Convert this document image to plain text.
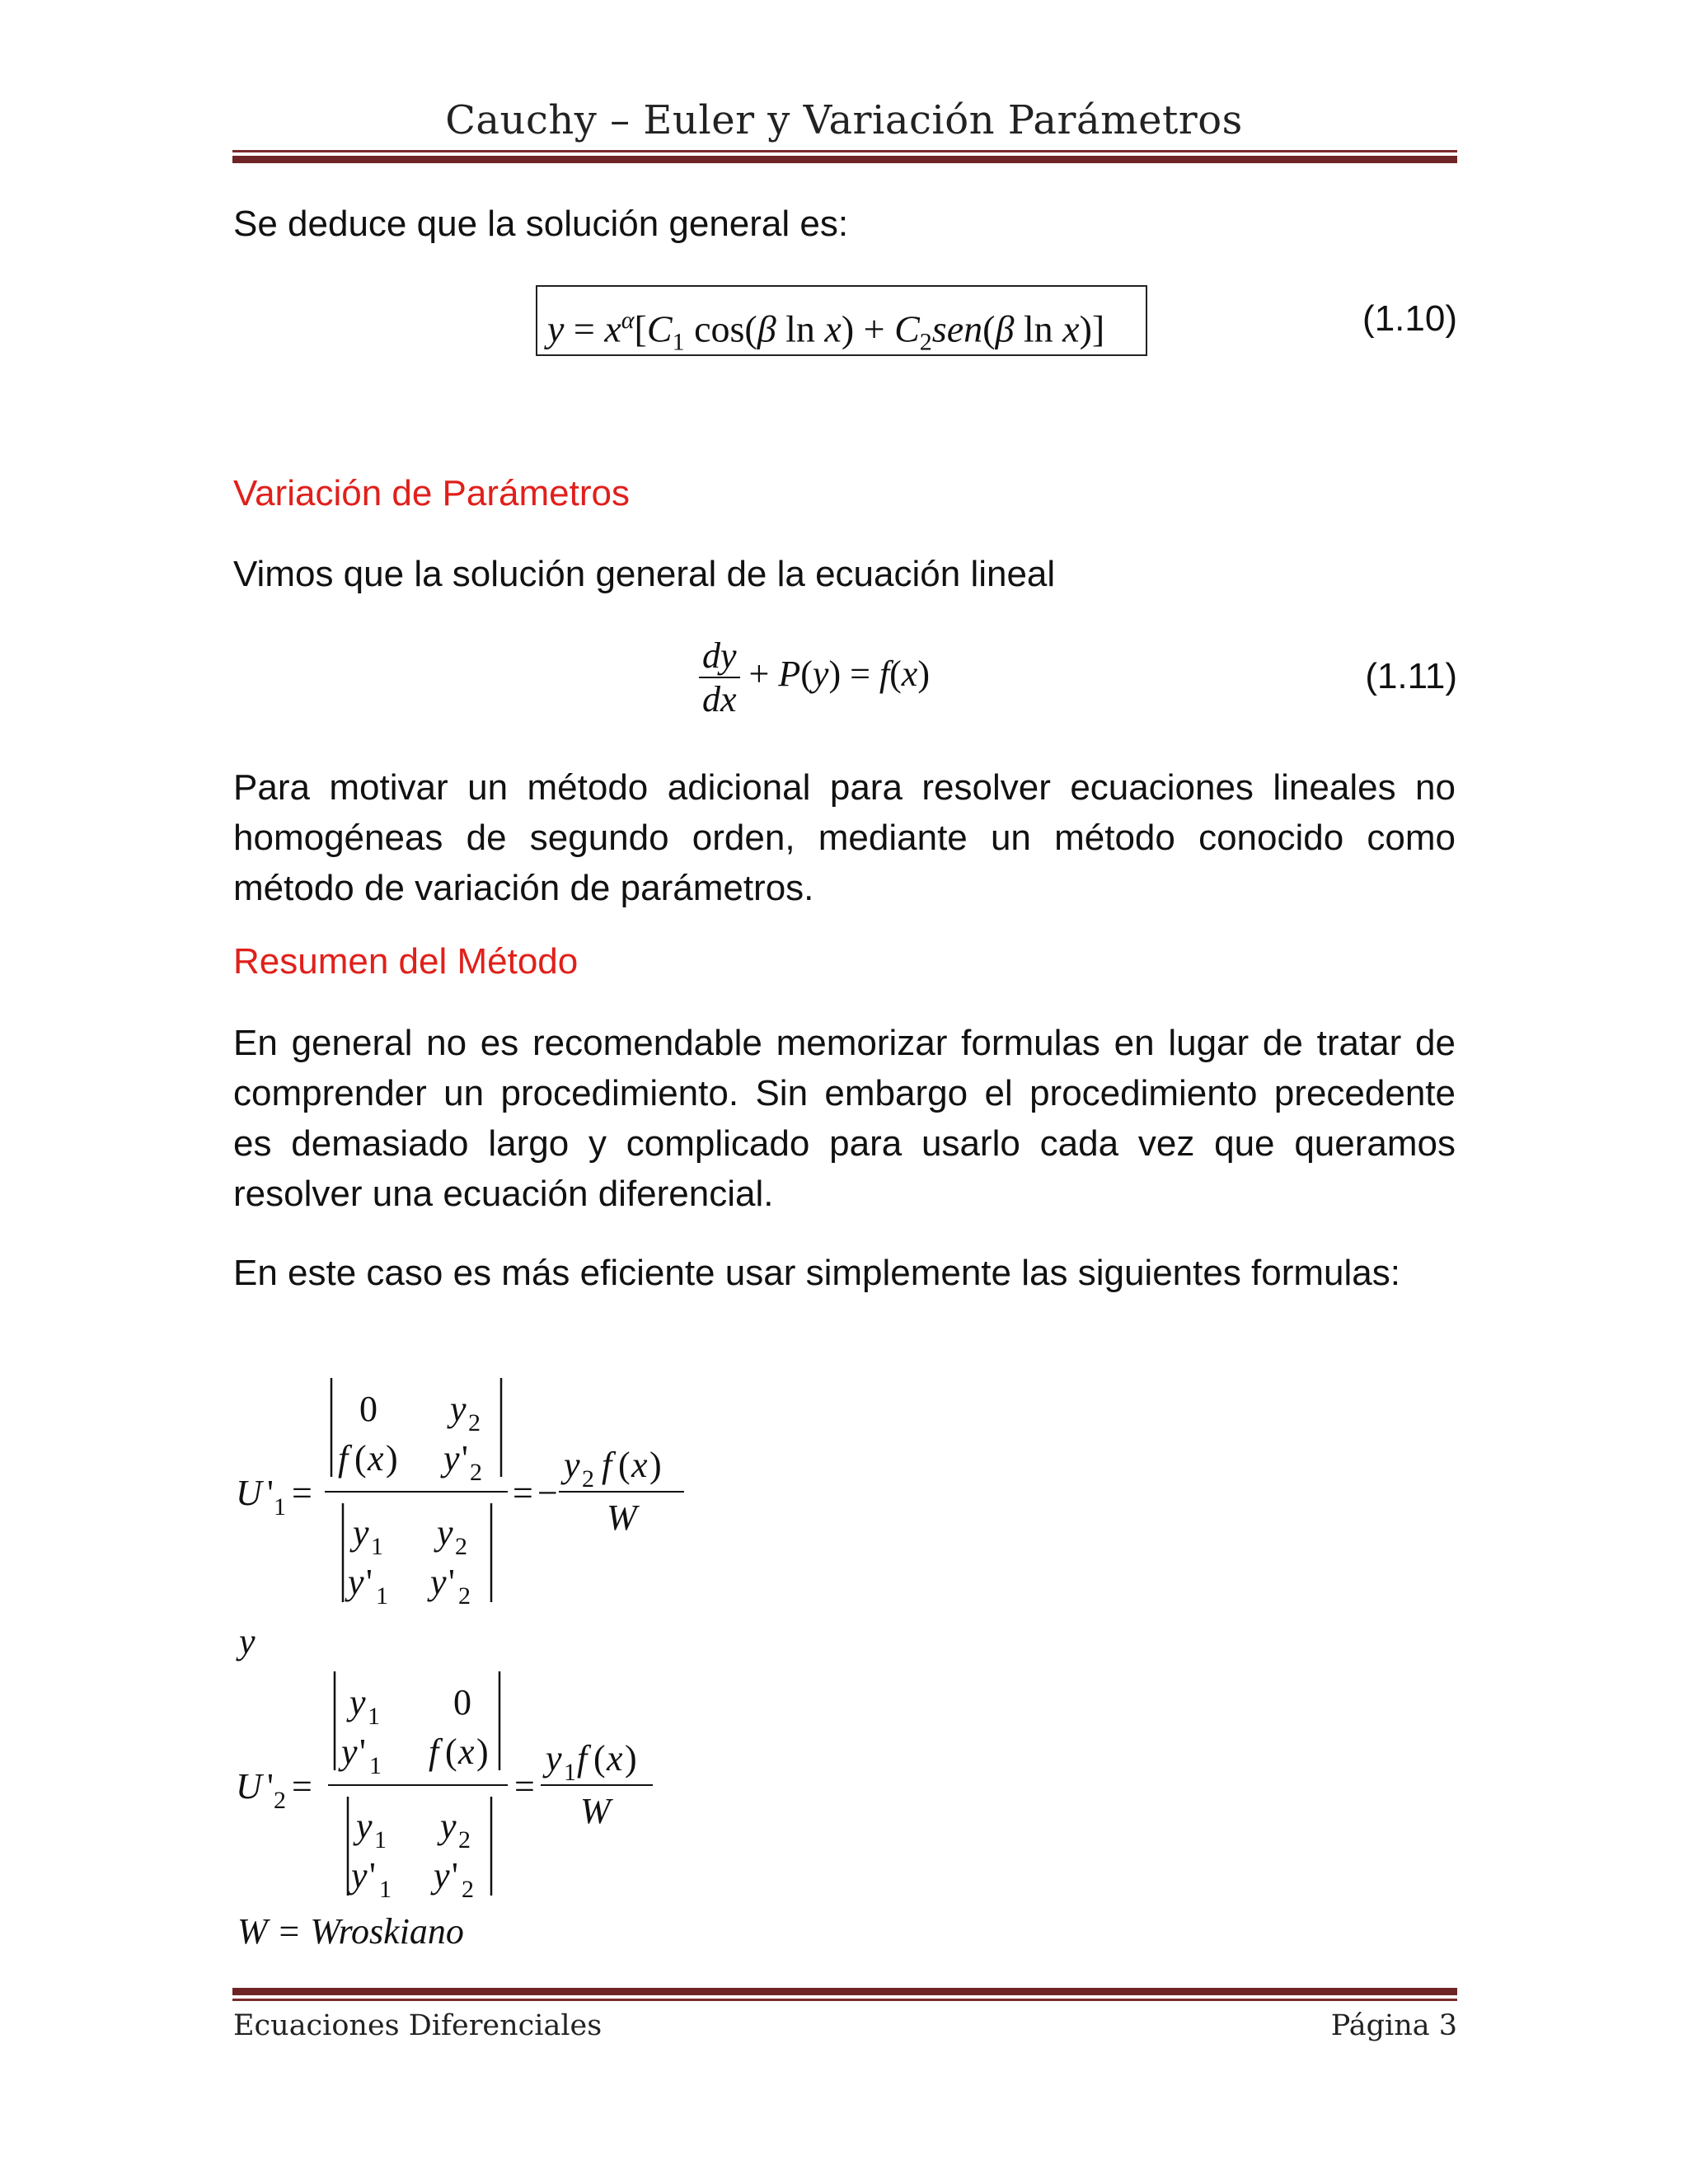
Cauchy – Euler y Variación Parámetros
Se deduce que la solución general es:
$y = x^\alpha[C_1$ cos(β $\ln x) + C_2sen(\beta$ ln x)]	(1.10)
Variación de Parámetros
Vimos que la solución general de la ecuación lineal
$\frac{dy}{dx} + P(y) = f(x)$	(1.11)
Para motivar un método adicional para resolver ecuaciones lineales no homogéneas de segundo orden, mediante un método conocido como método de variación de parámetros.
Resumen del Método
En general no es recomendable memorizar formulas en lugar de tratar de comprender un procedimiento. Sin embargo el procedimiento precedente es demasiado largo y complicado para usarlo cada vez que queramos resolver una ecuación diferencial.
En este caso es más eficiente usar simplemente las siguientes formulas:
U ' 1 =
0 y 2
f ( x ) y ' 2
y 1 y 2
y ' 1 y ' 2
= −
y 2 f ( x )
W
y
U ' 2 =
y 1 0
y ' 1 f ( x )
y 1 y 2
y ' 1 y ' 2
=
y 1 f ( x )
W
W = Wroskiano
Ecuaciones Diferenciales	Página 3
